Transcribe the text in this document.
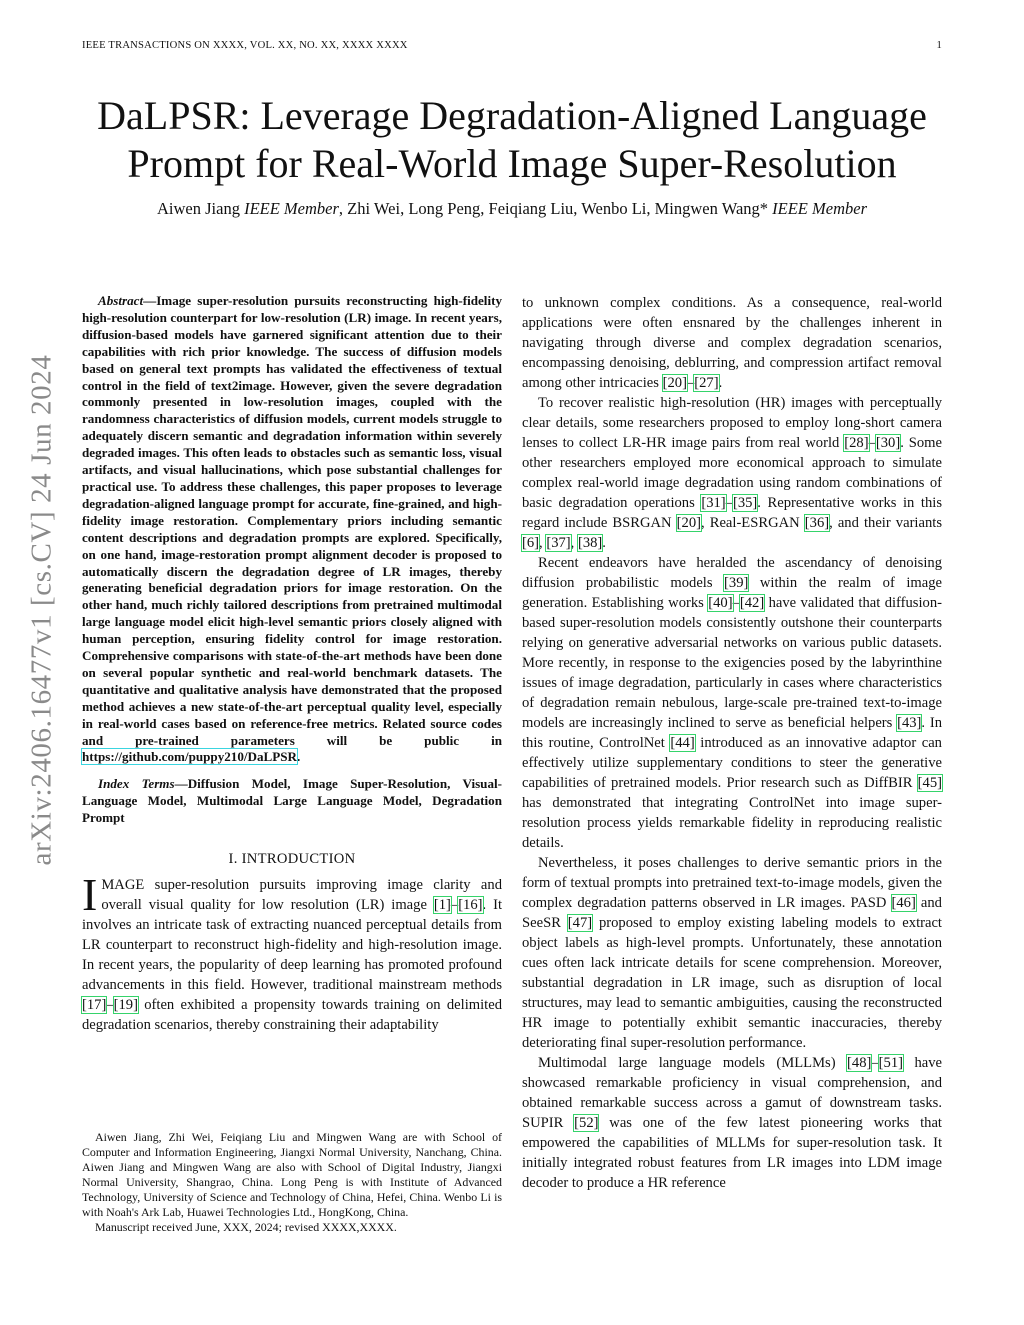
IEEE TRANSACTIONS ON XXXX, VOL. XX, NO. XX, XXXX XXXX	1
DaLPSR: Leverage Degradation-Aligned Language
Prompt for Real-World Image Super-Resolution
Aiwen Jiang IEEE Member, Zhi Wei, Long Peng, Feiqiang Liu, Wenbo Li, Mingwen Wang* IEEE Member
arXiv:2406.16477v1 [cs.CV] 24 Jun 2024

Abstract—Image super-resolution pursuits reconstructing high-fidelity high-resolution counterpart for low-resolution (LR) image. In recent years, diffusion-based models have garnered significant attention due to their capabilities with rich prior knowledge. The success of diffusion models based on general text prompts has validated the effectiveness of textual control in the field of text2image. However, given the severe degradation commonly presented in low-resolution images, coupled with the randomness characteristics of diffusion models, current models struggle to adequately discern semantic and degradation information within severely degraded images. This often leads to obstacles such as semantic loss, visual artifacts, and visual hallucinations, which pose substantial challenges for practical use. To address these challenges, this paper proposes to leverage degradation-aligned language prompt for accurate, fine-grained, and high-fidelity image restoration. Complementary priors including semantic content descriptions and degradation prompts are explored. Specifically, on one hand, image-restoration prompt alignment decoder is proposed to automatically discern the degradation degree of LR images, thereby generating beneficial degradation priors for image restoration. On the other hand, much richly tailored descriptions from pretrained multimodal large language model elicit high-level semantic priors closely aligned with human perception, ensuring fidelity control for image restoration. Comprehensive comparisons with state-of-the-art methods have been done on several popular synthetic and real-world benchmark datasets. The quantitative and qualitative analysis have demonstrated that the proposed method achieves a new state-of-the-art perceptual quality level, especially in real-world cases based on reference-free metrics. Related source codes and pre-trained parameters will be public in https://github.com/puppy210/DaLPSR.

Index Terms—Diffusion Model, Image Super-Resolution, Visual-Language Model, Multimodal Large Language Model, Degradation Prompt

I. INTRODUCTION

IMAGE super-resolution pursuits improving image clarity and overall visual quality for low resolution (LR) image [1]–[16]. It involves an intricate task of extracting nuanced perceptual details from LR counterpart to reconstruct high-fidelity and high-resolution image. In recent years, the popularity of deep learning has promoted profound advancements in this field. However, traditional mainstream methods [17]–[19] often exhibited a propensity towards training on delimited degradation scenarios, thereby constraining their adaptability

Aiwen Jiang, Zhi Wei, Feiqiang Liu and Mingwen Wang are with School of Computer and Information Engineering, Jiangxi Normal University, Nanchang, China. Aiwen Jiang and Mingwen Wang are also with School of Digital Industry, Jiangxi Normal University, Shangrao, China. Long Peng is with Institute of Advanced Technology, University of Science and Technology of China, Hefei, China. Wenbo Li is with Noah's Ark Lab, Huawei Technologies Ltd., HongKong, China.

Manuscript received June, XXX, 2024; revised XXXX,XXXX.

to unknown complex conditions. As a consequence, real-world applications were often ensnared by the challenges inherent in navigating through diverse and complex degradation scenarios, encompassing denoising, deblurring, and compression artifact removal among other intricacies [20]–[27].

To recover realistic high-resolution (HR) images with perceptually clear details, some researchers proposed to employ long-short camera lenses to collect LR-HR image pairs from real world [28]–[30]. Some other researchers employed more economical approach to simulate complex real-world image degradation using random combinations of basic degradation operations [31]–[35]. Representative works in this regard include BSRGAN [20], Real-ESRGAN [36], and their variants [6], [37], [38].

Recent endeavors have heralded the ascendancy of denoising diffusion probabilistic models [39] within the realm of image generation. Establishing works [40]–[42] have validated that diffusion-based super-resolution models consistently outshone their counterparts relying on generative adversarial networks on various public datasets. More recently, in response to the exigencies posed by the labyrinthine issues of image degradation, particularly in cases where characteristics of degradation remain nebulous, large-scale pre-trained text-to-image models are increasingly inclined to serve as beneficial helpers [43]. In this routine, ControlNet [44] introduced as an innovative adaptor can effectively utilize supplementary conditions to steer the generative capabilities of pretrained models. Prior research such as DiffBIR [45] has demonstrated that integrating ControlNet into image super-resolution process yields remarkable fidelity in reproducing realistic details.

Nevertheless, it poses challenges to derive semantic priors in the form of textual prompts into pretrained text-to-image models, given the complex degradation patterns observed in LR images. PASD [46] and SeeSR [47] proposed to employ existing labeling models to extract object labels as high-level prompts. Unfortunately, these annotation cues often lack intricate details for scene comprehension. Moreover, substantial degradation in LR image, such as disruption of local structures, may lead to semantic ambiguities, causing the reconstructed HR image to potentially exhibit semantic inaccuracies, thereby deteriorating final super-resolution performance.

Multimodal large language models (MLLMs) [48]–[51] have showcased remarkable proficiency in visual comprehension, and obtained remarkable success across a gamut of downstream tasks. SUPIR [52] was one of the few latest pioneering works that empowered the capabilities of MLLMs for super-resolution task. It initially integrated robust features from LR images into LDM image decoder to produce a HR reference
